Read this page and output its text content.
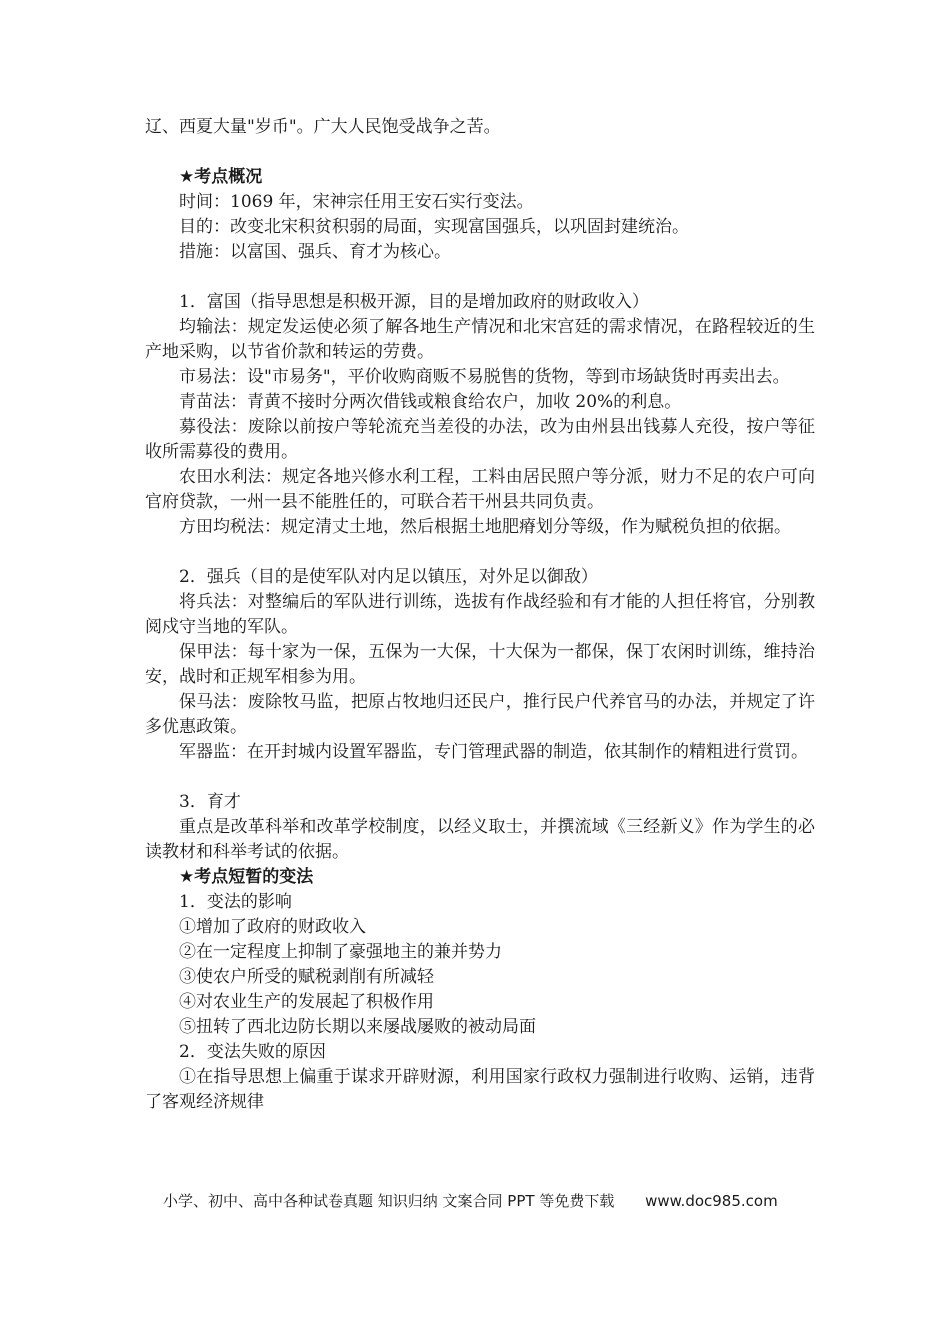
辽、西夏大量"岁币"。广大人民饱受战争之苦。

★考点概况

时间：1069 年，宋神宗任用王安石实行变法。

目的：改变北宋积贫积弱的局面，实现富国强兵，以巩固封建统治。

措施：以富国、强兵、育才为核心。

1．富国（指导思想是积极开源，目的是增加政府的财政收入）

均输法：规定发运使必须了解各地生产情况和北宋宫廷的需求情况，在路程较近的生产地采购，以节省价款和转运的劳费。

市易法：设"市易务"，平价收购商贩不易脱售的货物，等到市场缺货时再卖出去。

青苗法：青黄不接时分两次借钱或粮食给农户，加收 20%的利息。

募役法：废除以前按户等轮流充当差役的办法，改为由州县出钱募人充役，按户等征收所需募役的费用。

农田水利法：规定各地兴修水利工程，工料由居民照户等分派，财力不足的农户可向官府贷款，一州一县不能胜任的，可联合若干州县共同负责。

方田均税法：规定清丈土地，然后根据土地肥瘠划分等级，作为赋税负担的依据。

2．强兵（目的是使军队对内足以镇压，对外足以御敌）

将兵法：对整编后的军队进行训练，选拔有作战经验和有才能的人担任将官，分别教阅戍守当地的军队。

保甲法：每十家为一保，五保为一大保，十大保为一都保，保丁农闲时训练，维持治安，战时和正规军相参为用。

保马法：废除牧马监，把原占牧地归还民户，推行民户代养官马的办法，并规定了许多优惠政策。

军器监：在开封城内设置军器监，专门管理武器的制造，依其制作的精粗进行赏罚。

3．育才

重点是改革科举和改革学校制度，以经义取士，并撰流域《三经新义》作为学生的必读教材和科举考试的依据。

★考点短暂的变法

1．变法的影响

①增加了政府的财政收入

②在一定程度上抑制了豪强地主的兼并势力

③使农户所受的赋税剥削有所减轻

④对农业生产的发展起了积极作用

⑤扭转了西北边防长期以来屡战屡败的被动局面

2．变法失败的原因

①在指导思想上偏重于谋求开辟财源，利用国家行政权力强制进行收购、运销，违背了客观经济规律

小学、初中、高中各种试卷真题 知识归纳 文案合同 PPT 等免费下载 www.doc985.com
